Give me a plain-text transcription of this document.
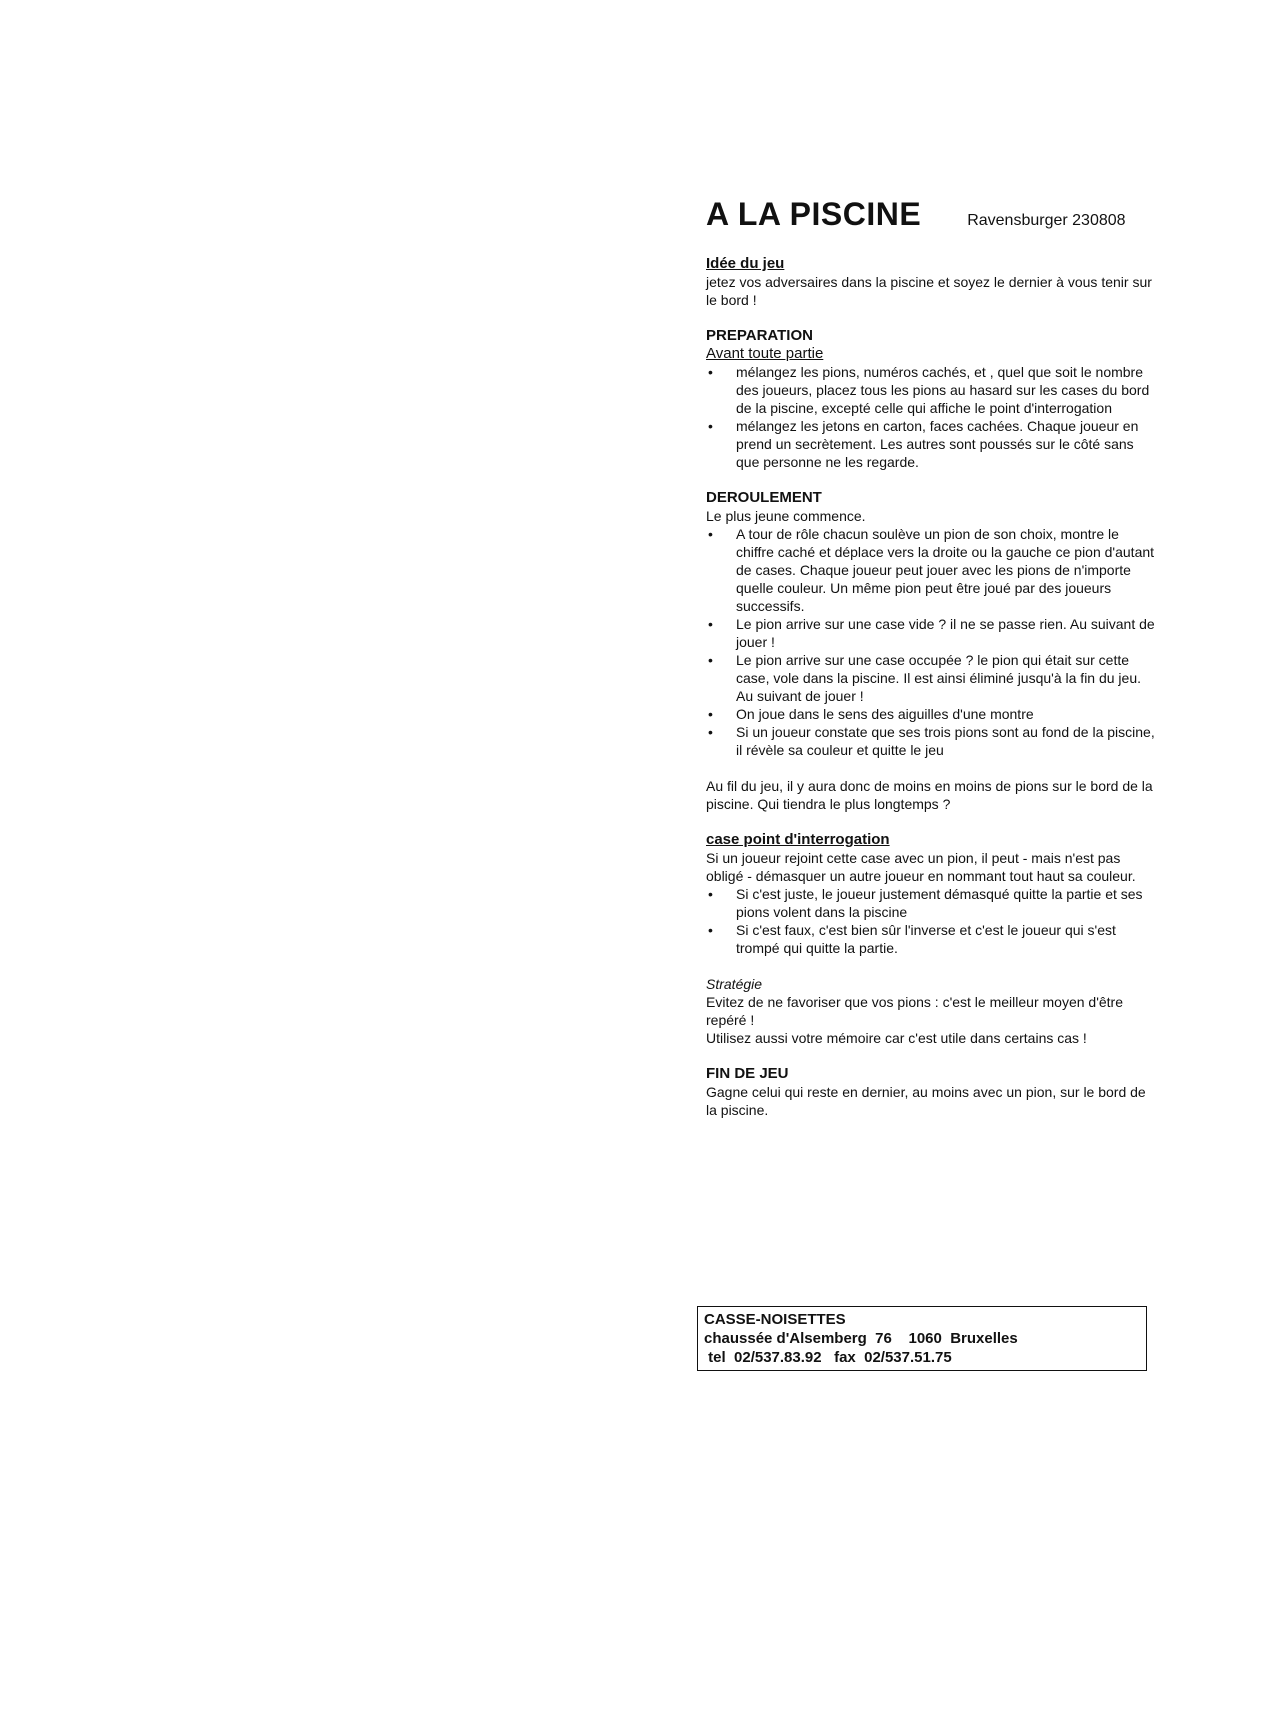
A LA PISCINE	Ravensburger 230808

Idée du jeu

jetez vos adversaires dans la piscine et soyez le dernier à vous tenir sur le bord !

PREPARATION

Avant toute partie

• mélangez les pions, numéros cachés, et , quel que soit le nombre des joueurs, placez tous les pions au hasard sur les cases du bord de la piscine, excepté celle qui affiche le point d'interrogation
• mélangez les jetons en carton, faces cachées. Chaque joueur en prend un secrètement. Les autres sont poussés sur le côté sans que personne ne les regarde.

DEROULEMENT

Le plus jeune commence.

• A tour de rôle chacun soulève un pion de son choix, montre le chiffre caché et déplace vers la droite ou la gauche ce pion d'autant de cases. Chaque joueur peut jouer avec les pions de n'importe quelle couleur. Un même pion peut être joué par des joueurs successifs.
• Le pion arrive sur une case vide ? il ne se passe rien. Au suivant de jouer !
• Le pion arrive sur une case occupée ? le pion qui était sur cette case, vole dans la piscine. Il est ainsi éliminé jusqu'à la fin du jeu. Au suivant de jouer !
• On joue dans le sens des aiguilles d'une montre
• Si un joueur constate que ses trois pions sont au fond de la piscine, il révèle sa couleur et quitte le jeu

Au fil du jeu, il y aura donc de moins en moins de pions sur le bord de la piscine. Qui tiendra le plus longtemps ?

case point d'interrogation

Si un joueur rejoint cette case avec un pion, il peut - mais n'est pas obligé - démasquer un autre joueur en nommant tout haut sa couleur.

• Si c'est juste, le joueur justement démasqué quitte la partie et ses pions volent dans la piscine
• Si c'est faux, c'est bien sûr l'inverse et c'est le joueur qui s'est trompé qui quitte la partie.

Stratégie

Evitez de ne favoriser que vos pions : c'est le meilleur moyen d'être repéré !

Utilisez aussi votre mémoire car c'est utile dans certains cas !

FIN DE JEU

Gagne celui qui reste en dernier, au moins avec un pion, sur le bord de la piscine.

CASSE-NOISETTES

chaussée d'Alsemberg  76    1060  Bruxelles

tel  02/537.83.92   fax  02/537.51.75
